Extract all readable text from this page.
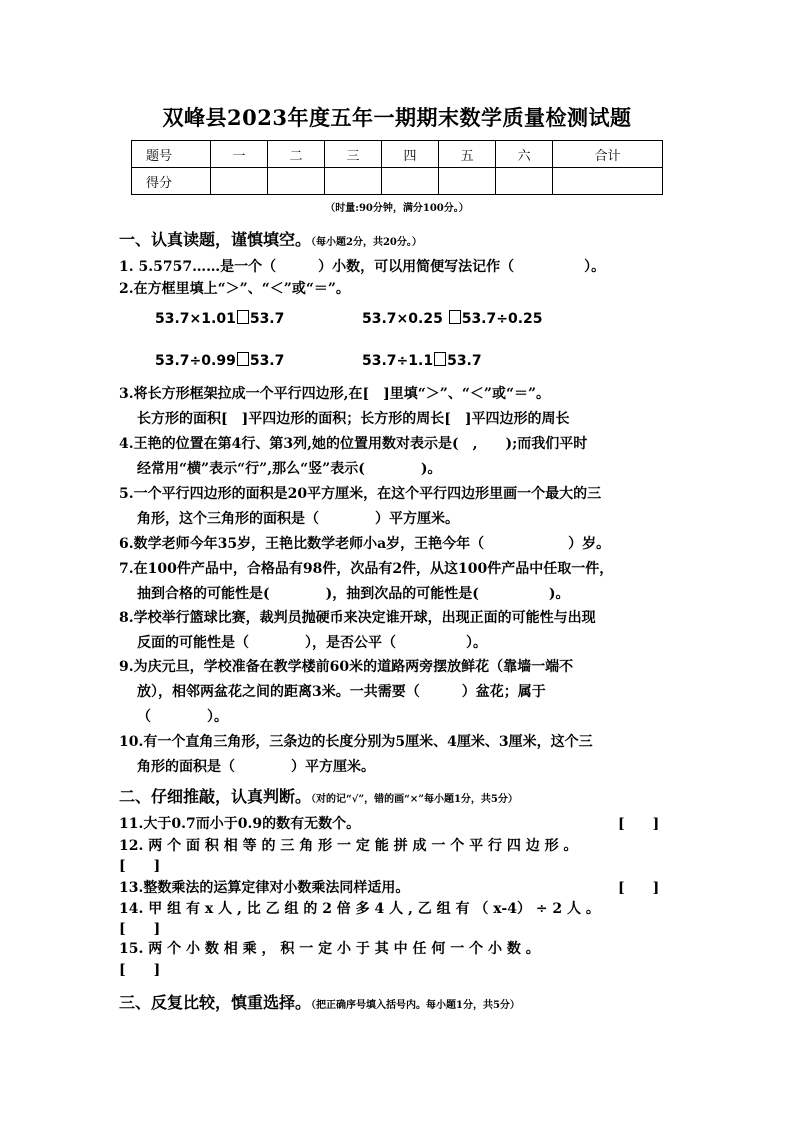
双峰县2023年度五年一期期末数学质量检测试题
题号	一	二	三	四	五	六	合计
得分							
（时量:90分钟，满分100分。）
一、认真读题，谨慎填空。（每小题2分，共20分。）
1. 5.5757……是一个（　　　）小数，可以用简便写法记作（　　　　　）。
2.在方框里填上“＞”、“＜”或“＝”。
53.7×1.01 53.7	53.7×0.25 53.7÷0.25
53.7÷0.99 53.7	53.7÷1.1 53.7
3.将长方形框架拉成一个平行四边形,在[　]里填“＞”、“＜”或“＝”。
长方形的面积[　]平四边形的面积；长方形的周长[　]平四边形的周长
4.王艳的位置在第4行、第3列,她的位置用数对表示是(　,　　);而我们平时
经常用“横”表示“行”,那么“竖”表示(　　　　)。
5.一个平行四边形的面积是20平方厘米，在这个平行四边形里画一个最大的三
角形，这个三角形的面积是（　　　　）平方厘米。
6.数学老师今年35岁，王艳比数学老师小a岁，王艳今年（　　　　　　）岁。
7.在100件产品中，合格品有98件，次品有2件，从这100件产品中任取一件，
抽到合格的可能性是(　　　　)，抽到次品的可能性是(　　　　　)。
8.学校举行篮球比赛，裁判员抛硬币来决定谁开球，出现正面的可能性与出现
反面的可能性是（　　　　），是否公平（　　　　　）。
9.为庆元旦，学校准备在教学楼前60米的道路两旁摆放鲜花（靠墙一端不
放），相邻两盆花之间的距离3米。一共需要（　　　）盆花；属于
（　　　　）。
10.有一个直角三角形，三条边的长度分别为5厘米、4厘米、3厘米，这个三
角形的面积是（　　　　）平方厘米。
二、仔细推敲，认真判断。（对的记“√”，错的画“×”每小题1分，共5分）
11.大于0.7而小于0.9的数有无数个。	[　　]
12. 两 个 面 积 相 等 的 三 角 形 一 定 能 拼 成 一 个 平 行 四 边 形 。
[　　]
13.整数乘法的运算定律对小数乘法同样适用。	[　　]
14. 甲 组 有 x 人 , 比 乙 组 的 2 倍 多 4 人 , 乙 组 有 （ x-4） ÷ 2 人 。
[　　]
15. 两 个 小 数 相 乘 ， 积 一 定 小 于 其 中 任 何 一 个 小 数 。
[　　]
三、反复比较，慎重选择。（把正确序号填入括号内。每小题1分，共5分）
